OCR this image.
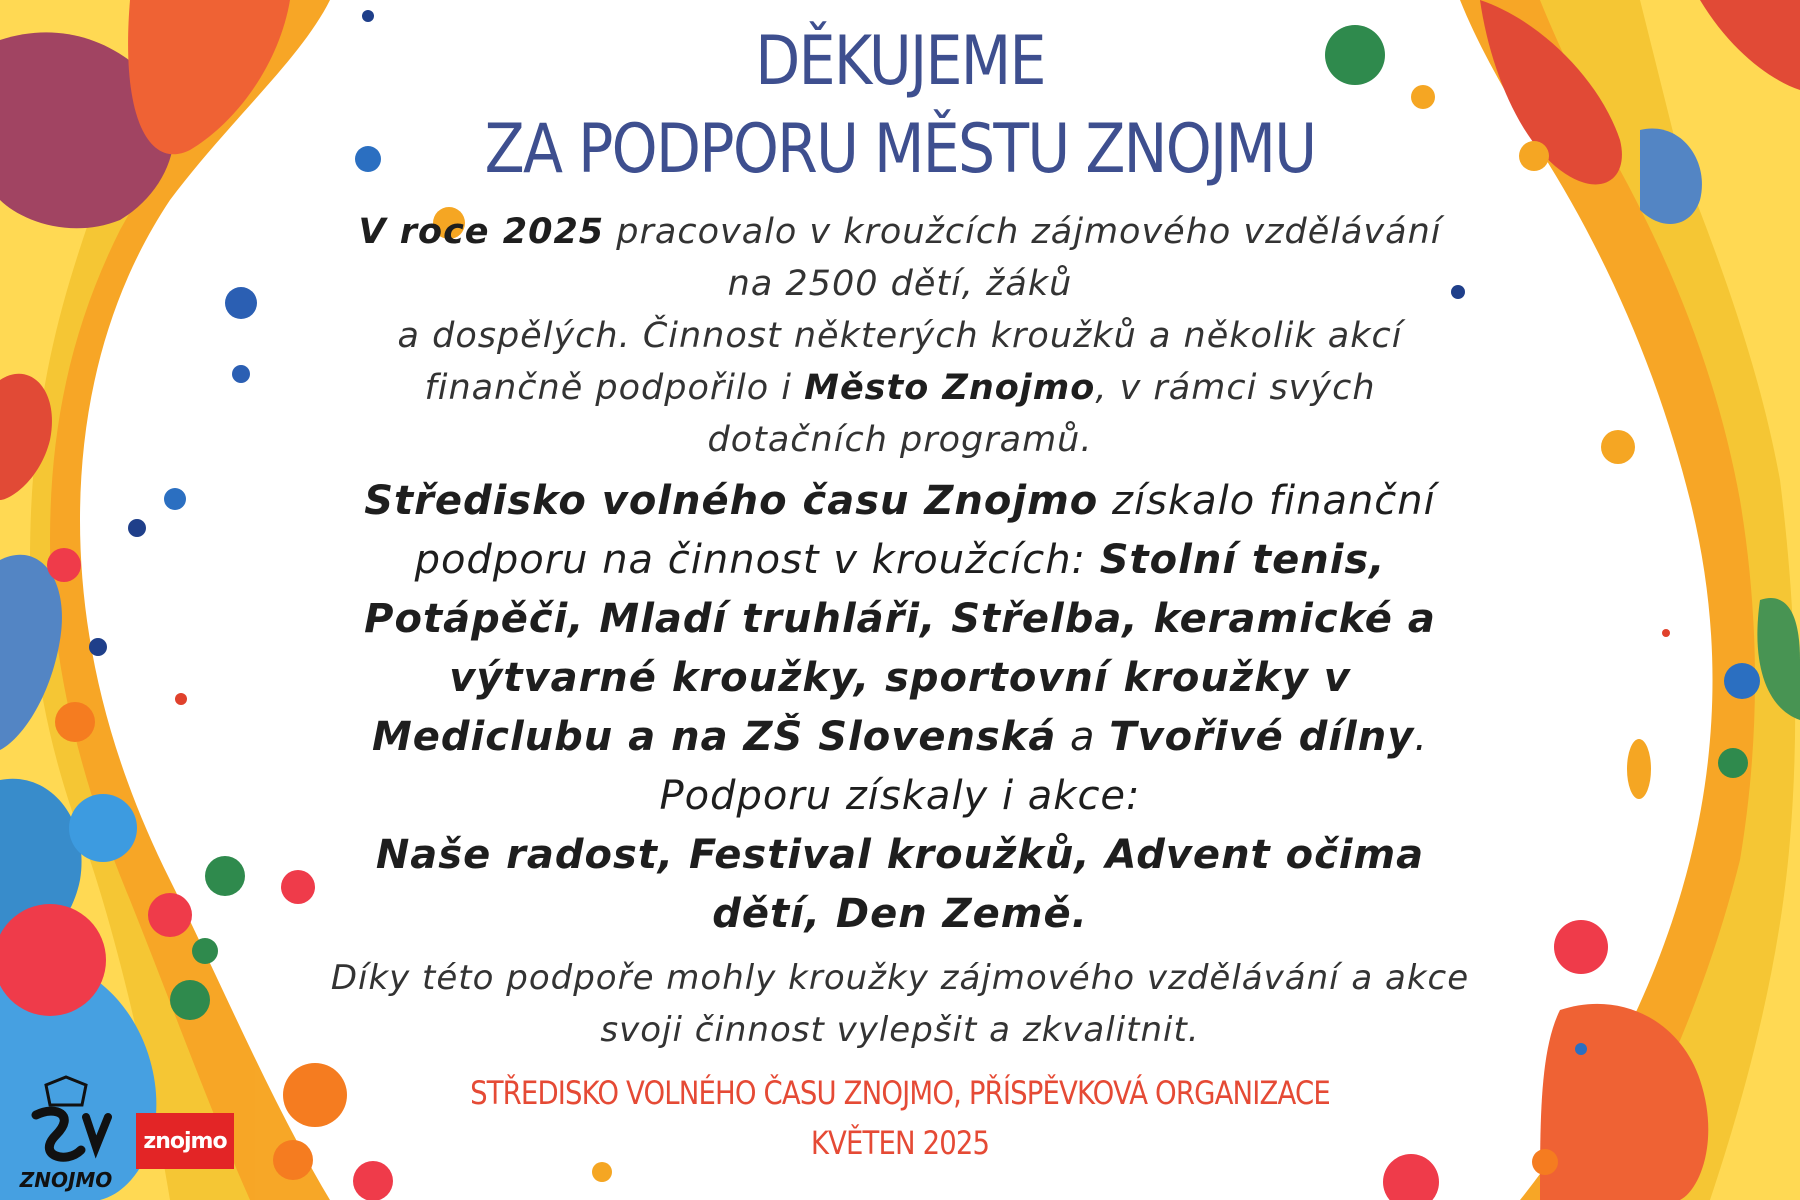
DĚKUJEME
ZA PODPORU MĚSTU ZNOJMU

V roce 2025 pracovalo v kroužcích zájmového vzdělávání na 2500 dětí, žáků
a dospělých. Činnost některých kroužků a několik akcí finančně podpořilo i Město Znojmo, v rámci svých dotačních programů.

Středisko volného času Znojmo získalo finanční podporu na činnost v kroužcích: Stolní tenis, Potápěči, Mladí truhláři, Střelba, keramické a výtvarné kroužky, sportovní kroužky v Mediclubu a na ZŠ Slovenská a Tvořivé dílny.
Podporu získaly i akce:
Naše radost, Festival kroužků, Advent očima dětí, Den Země.

Díky této podpoře mohly kroužky zájmového vzdělávání a akce svoji činnost vylepšit a zkvalitnit.

STŘEDISKO VOLNÉHO ČASU ZNOJMO, PŘÍSPĚVKOVÁ ORGANIZACE
KVĚTEN 2025
ZNOJMO
znojmo
